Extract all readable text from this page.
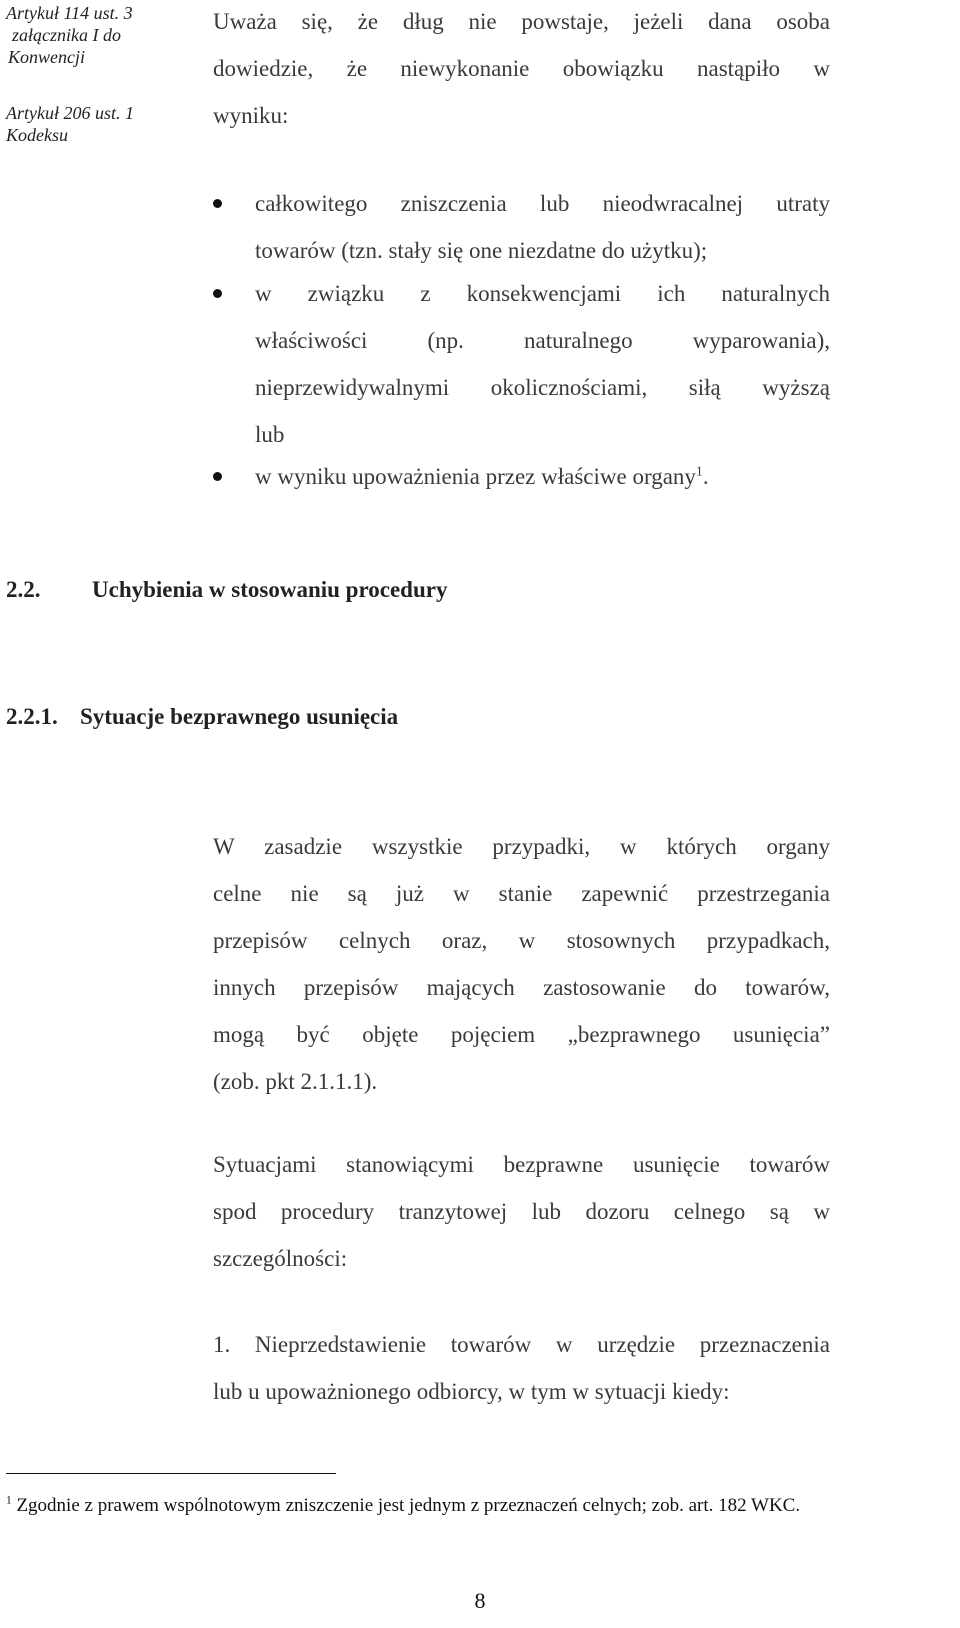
Artykuł 114 ust. 3
załącznika I do
Konwencji
Artykuł 206 ust. 1
Kodeksu
Uważa się, że dług nie powstaje, jeżeli dana osoba
dowiedzie, że niewykonanie obowiązku nastąpiło w
wyniku:
całkowitego zniszczenia lub nieodwracalnej utraty
towarów (tzn. stały się one niezdatne do użytku);
w związku z konsekwencjami ich naturalnych
właściwości (np. naturalnego wyparowania),
nieprzewidywalnymi okolicznościami, siłą wyższą
lub
w wyniku upoważnienia przez właściwe organy$^1$.
2.2. Uchybienia w stosowaniu procedury
2.2.1. Sytuacje bezprawnego usunięcia
W zasadzie wszystkie przypadki, w których organy
celne nie są już w stanie zapewnić przestrzegania
przepisów celnych oraz, w stosownych przypadkach,
innych przepisów mających zastosowanie do towarów,
mogą być objęte pojęciem „bezprawnego usunięcia”
(zob. pkt 2.1.1.1).
Sytuacjami stanowiącymi bezprawne usunięcie towarów
spod procedury tranzytowej lub dozoru celnego są w
szczególności:
1. Nieprzedstawienie towarów w urzędzie przeznaczenia
lub u upoważnionego odbiorcy, w tym w sytuacji kiedy:
$^1$ Zgodnie z prawem wspólnotowym zniszczenie jest jednym z przeznaczeń celnych; zob. art. 182 WKC.
8
